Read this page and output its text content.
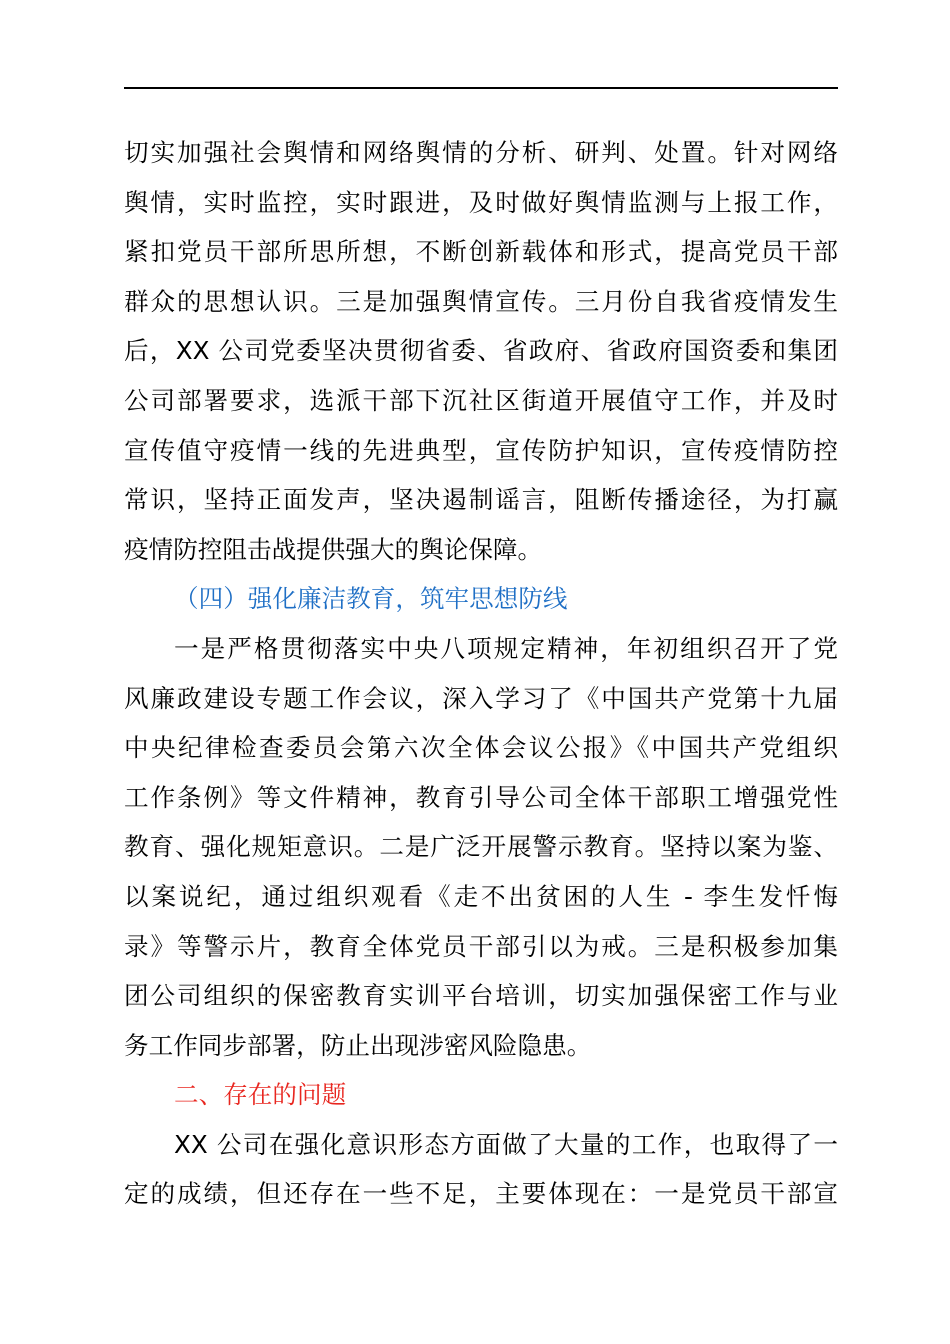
切实加强社会舆情和网络舆情的分析、研判、处置。针对网络
舆情，实时监控，实时跟进，及时做好舆情监测与上报工作，
紧扣党员干部所思所想，不断创新载体和形式，提高党员干部
群众的思想认识。三是加强舆情宣传。三月份自我省疫情发生
后，XX 公司党委坚决贯彻省委、省政府、省政府国资委和集团
公司部署要求，选派干部下沉社区街道开展值守工作，并及时
宣传值守疫情一线的先进典型，宣传防护知识，宣传疫情防控
常识，坚持正面发声，坚决遏制谣言，阻断传播途径，为打赢
疫情防控阻击战提供强大的舆论保障。
（四）强化廉洁教育，筑牢思想防线
一是严格贯彻落实中央八项规定精神，年初组织召开了党
风廉政建设专题工作会议，深入学习了《中国共产党第十九届
中央纪律检查委员会第六次全体会议公报》《中国共产党组织
工作条例》等文件精神，教育引导公司全体干部职工增强党性
教育、强化规矩意识。二是广泛开展警示教育。坚持以案为鉴、
以案说纪，通过组织观看《走不出贫困的人生 - 李生发忏悔
录》等警示片，教育全体党员干部引以为戒。三是积极参加集
团公司组织的保密教育实训平台培训，切实加强保密工作与业
务工作同步部署，防止出现涉密风险隐患。
二、存在的问题
XX 公司在强化意识形态方面做了大量的工作，也取得了一
定的成绩，但还存在一些不足，主要体现在：一是党员干部宣
